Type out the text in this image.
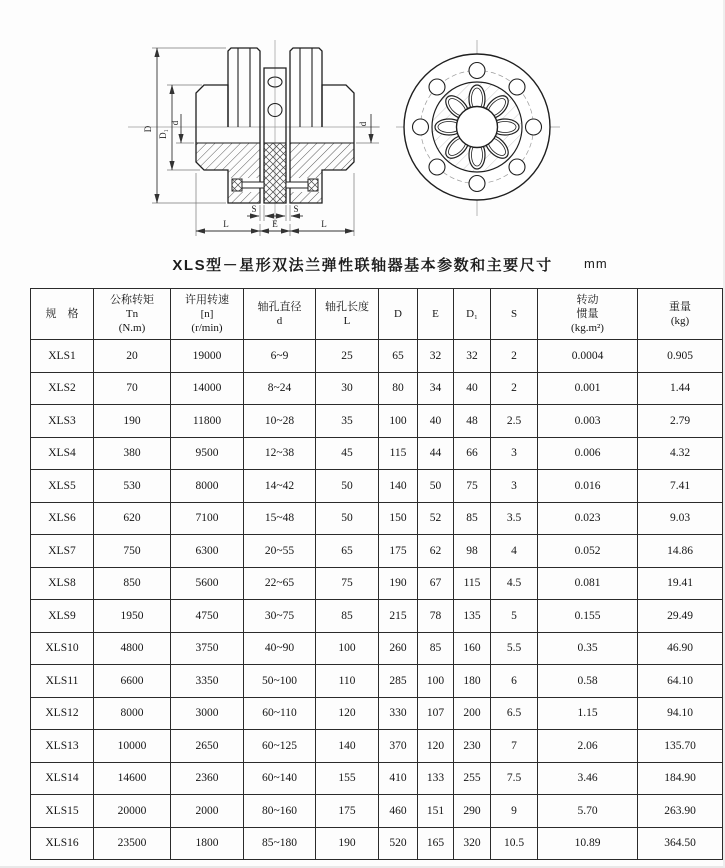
D
D₁
d	d
S	S
L	E	L
XLS型－星形双法兰弹性联轴器基本参数和主要尺寸	mm
规　格

公称转矩
Tn
(N.m)

许用转速
[n]
(r/min)

轴孔直径
d

轴孔长度
L

D	E	D₁	S

转动
惯量
(kg.m²)

重量
(kg)

XLS1	20	19000	6~9	25	65	32	32	2	0.0004	0.905
XLS2	70	14000	8~24	30	80	34	40	2	0.001	1.44
XLS3	190	11800	10~28	35	100	40	48	2.5	0.003	2.79
XLS4	380	9500	12~38	45	115	44	66	3	0.006	4.32
XLS5	530	8000	14~42	50	140	50	75	3	0.016	7.41
XLS6	620	7100	15~48	50	150	52	85	3.5	0.023	9.03
XLS7	750	6300	20~55	65	175	62	98	4	0.052	14.86
XLS8	850	5600	22~65	75	190	67	115	4.5	0.081	19.41
XLS9	1950	4750	30~75	85	215	78	135	5	0.155	29.49
XLS10	4800	3750	40~90	100	260	85	160	5.5	0.35	46.90
XLS11	6600	3350	50~100	110	285	100	180	6	0.58	64.10
XLS12	8000	3000	60~110	120	330	107	200	6.5	1.15	94.10
XLS13	10000	2650	60~125	140	370	120	230	7	2.06	135.70
XLS14	14600	2360	60~140	155	410	133	255	7.5	3.46	184.90
XLS15	20000	2000	80~160	175	460	151	290	9	5.70	263.90
XLS16	23500	1800	85~180	190	520	165	320	10.5	10.89	364.50
